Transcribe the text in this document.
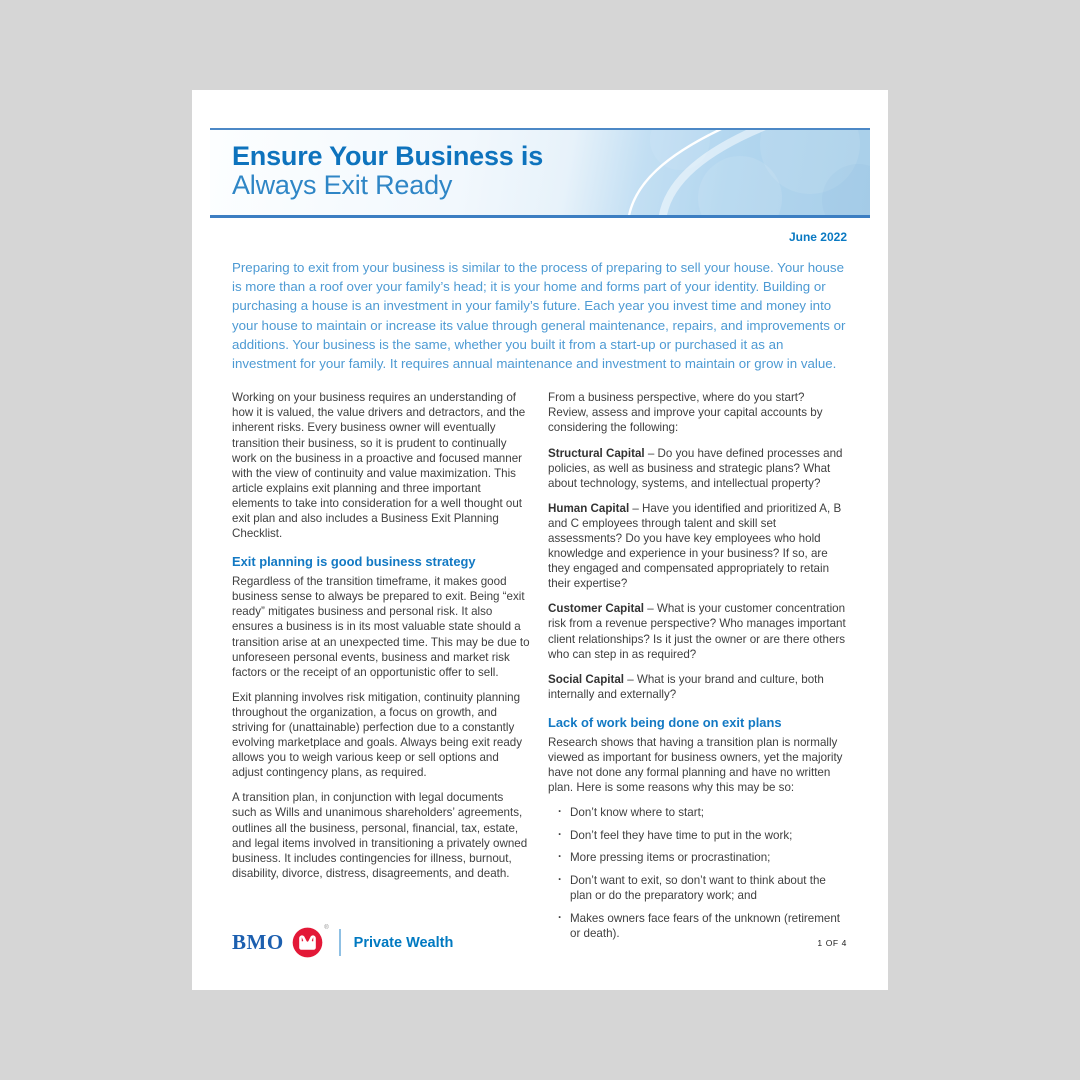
Ensure Your Business is
Always Exit Ready
June 2022
Preparing to exit from your business is similar to the process of preparing to sell your house. Your house is more than a roof over your family’s head; it is your home and forms part of your identity. Building or purchasing a house is an investment in your family’s future. Each year you invest time and money into your house to maintain or increase its value through general maintenance, repairs, and improvements or additions. Your business is the same, whether you built it from a start-up or purchased it as an investment for your family. It requires annual maintenance and investment to maintain or grow in value.

Working on your business requires an understanding of how it is valued, the value drivers and detractors, and the inherent risks. Every business owner will eventually transition their business, so it is prudent to continually work on the business in a proactive and focused manner with the view of continuity and value maximization. This article explains exit planning and three important elements to take into consideration for a well thought out exit plan and also includes a Business Exit Planning Checklist.

Exit planning is good business strategy

Regardless of the transition timeframe, it makes good business sense to always be prepared to exit. Being “exit ready” mitigates business and personal risk. It also ensures a business is in its most valuable state should a transition arise at an unexpected time. This may be due to unforeseen personal events, business and market risk factors or the receipt of an opportunistic offer to sell.

Exit planning involves risk mitigation, continuity planning throughout the organization, a focus on growth, and striving for (unattainable) perfection due to a constantly evolving marketplace and goals. Always being exit ready allows you to weigh various keep or sell options and adjust contingency plans, as required.

A transition plan, in conjunction with legal documents such as Wills and unanimous shareholders’ agreements, outlines all the business, personal, financial, tax, estate, and legal items involved in transitioning a privately owned business. It includes contingencies for illness, burnout, disability, divorce, distress, disagreements, and death.

From a business perspective, where do you start? Review, assess and improve your capital accounts by considering the following:

Structural Capital – Do you have defined processes and policies, as well as business and strategic plans? What about technology, systems, and intellectual property?

Human Capital – Have you identified and prioritized A, B and C employees through talent and skill set assessments? Do you have key employees who hold knowledge and experience in your business? If so, are they engaged and compensated appropriately to retain their expertise?

Customer Capital – What is your customer concentration risk from a revenue perspective? Who manages important client relationships? Is it just the owner or are there others who can step in as required?

Social Capital – What is your brand and culture, both internally and externally?

Lack of work being done on exit plans

Research shows that having a transition plan is normally viewed as important for business owners, yet the majority have not done any formal planning and have no written plan. Here is some reasons why this may be so:

· Don’t know where to start;
· Don’t feel they have time to put in the work;
· More pressing items or procrastination;
· Don’t want to exit, so don’t want to think about the plan or do the preparatory work; and
· Makes owners face fears of the unknown (retirement or death).
BMO
®
Private Wealth	1 OF 4
